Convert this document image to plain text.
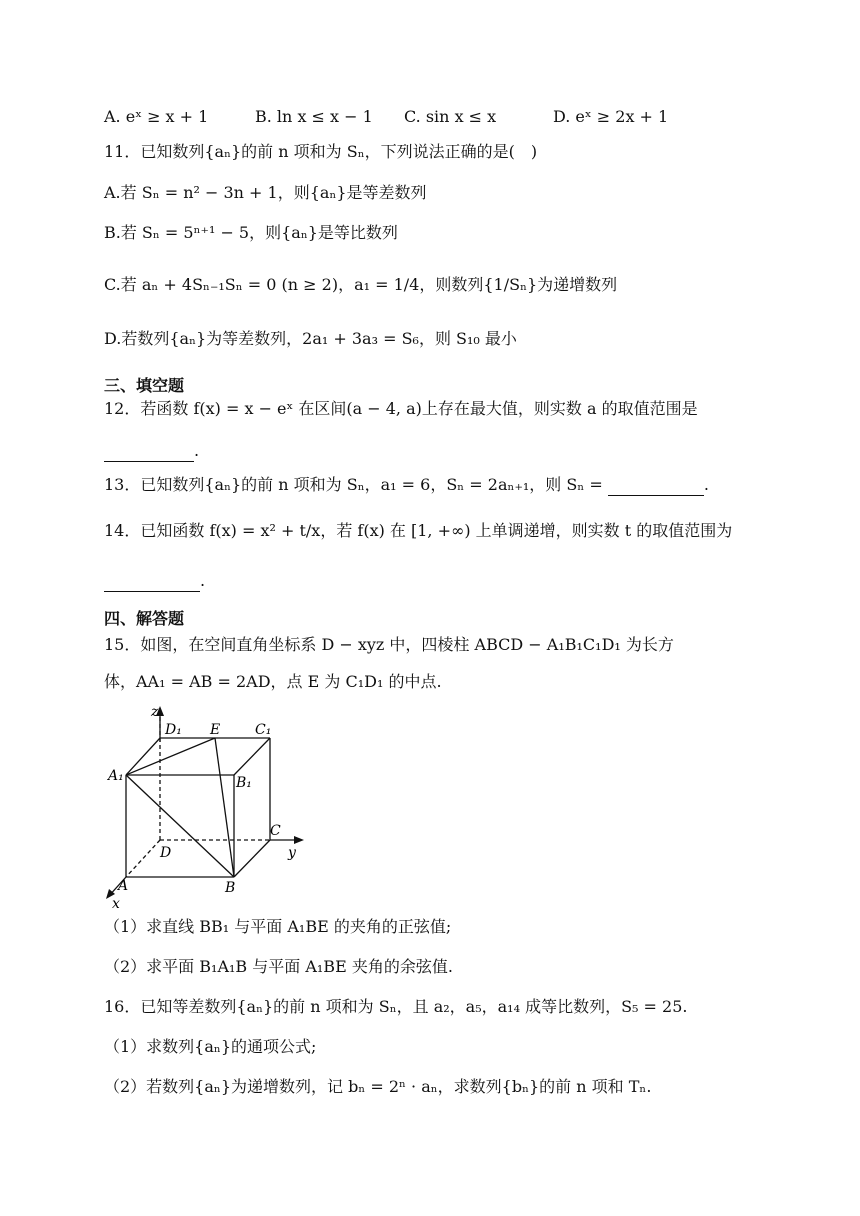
A. eˣ ≥ x + 1	B. ln x ≤ x − 1 C. sin x ≤ x	D. eˣ ≥ 2x + 1
11．已知数列{aₙ}的前 n 项和为 Sₙ，下列说法正确的是(　)
A.若 Sₙ = n² − 3n + 1，则{aₙ}是等差数列
B.若 Sₙ = 5ⁿ⁺¹ − 5，则{aₙ}是等比数列
C.若 aₙ + 4Sₙ₋₁Sₙ = 0 (n ≥ 2)，a₁ = 1/4，则数列{1/Sₙ}为递增数列
D.若数列{aₙ}为等差数列，2a₁ + 3a₃ = S₆，则 S₁₀ 最小
三、填空题
12．若函数 f(x) = x − eˣ 在区间(a − 4, a)上存在最大值，则实数 a 的取值范围是
.
13．已知数列{aₙ}的前 n 项和为 Sₙ，a₁ = 6，Sₙ = 2aₙ₊₁，则 Sₙ =	.
14．已知函数 f(x) = x² + t/x，若 f(x) 在 [1, +∞) 上单调递增，则实数 t 的取值范围为
.
四、解答题
15．如图，在空间直角坐标系 D − xyz 中，四棱柱 ABCD − A₁B₁C₁D₁ 为长方
体，AA₁ = AB = 2AD，点 E 为 C₁D₁ 的中点.
z
D₁ E C₁
A₁	B₁
C
y
D
A	B
x
（1）求直线 BB₁ 与平面 A₁BE 的夹角的正弦值;
（2）求平面 B₁A₁B 与平面 A₁BE 夹角的余弦值.
16．已知等差数列{aₙ}的前 n 项和为 Sₙ，且 a₂，a₅，a₁₄ 成等比数列，S₅ = 25.
（1）求数列{aₙ}的通项公式;
（2）若数列{aₙ}为递增数列，记 bₙ = 2ⁿ · aₙ，求数列{bₙ}的前 n 项和 Tₙ.
